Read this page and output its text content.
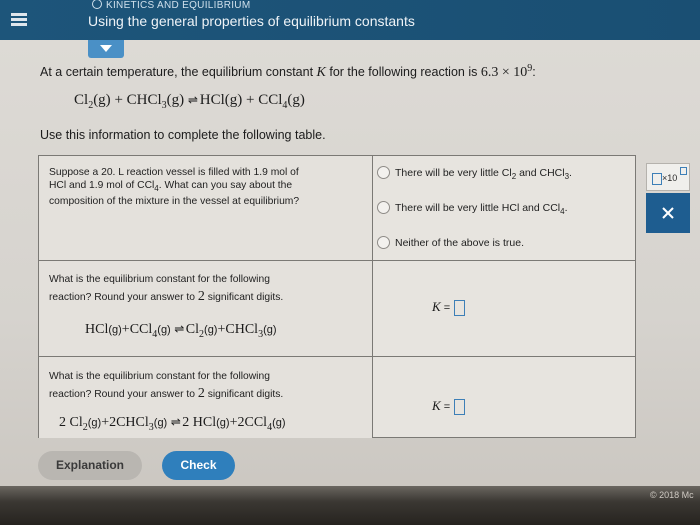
KINETICS AND EQUILIBRIUM
Using the general properties of equilibrium constants
At a certain temperature, the equilibrium constant K for the following reaction is $6.3 \times 10^9$:
$Cl_2(g)$ + CHCl$_3$(g) ⇌ HCl(g) + CCl$_4$(g)
Use this information to complete the following table.
Suppose a 20. L reaction vessel is filled with 1.9 mol of
HCl and 1.9 mol of CCl$_4$. What can you say about the
composition of the mixture in the vessel at equilibrium?
There will be very little $Cl_2$ and CHCl$_3$.
There will be very little HCl and CCl$_4$.
Neither of the above is true.
What is the equilibrium constant for the following
reaction? Round your answer to 2 significant digits.
HCl(g)+CCl$_4$(g) ⇌ $Cl_2(g)+CHCl_3(g)$
K =
What is the equilibrium constant for the following
reaction? Round your answer to 2 significant digits.
2 $Cl_2(g)+2CHCl_3(g)$ ⇌ 2 HCl(g)+2CCl$_4$(g)
K =
×10
Explanation	Check
© 2018 Mc
